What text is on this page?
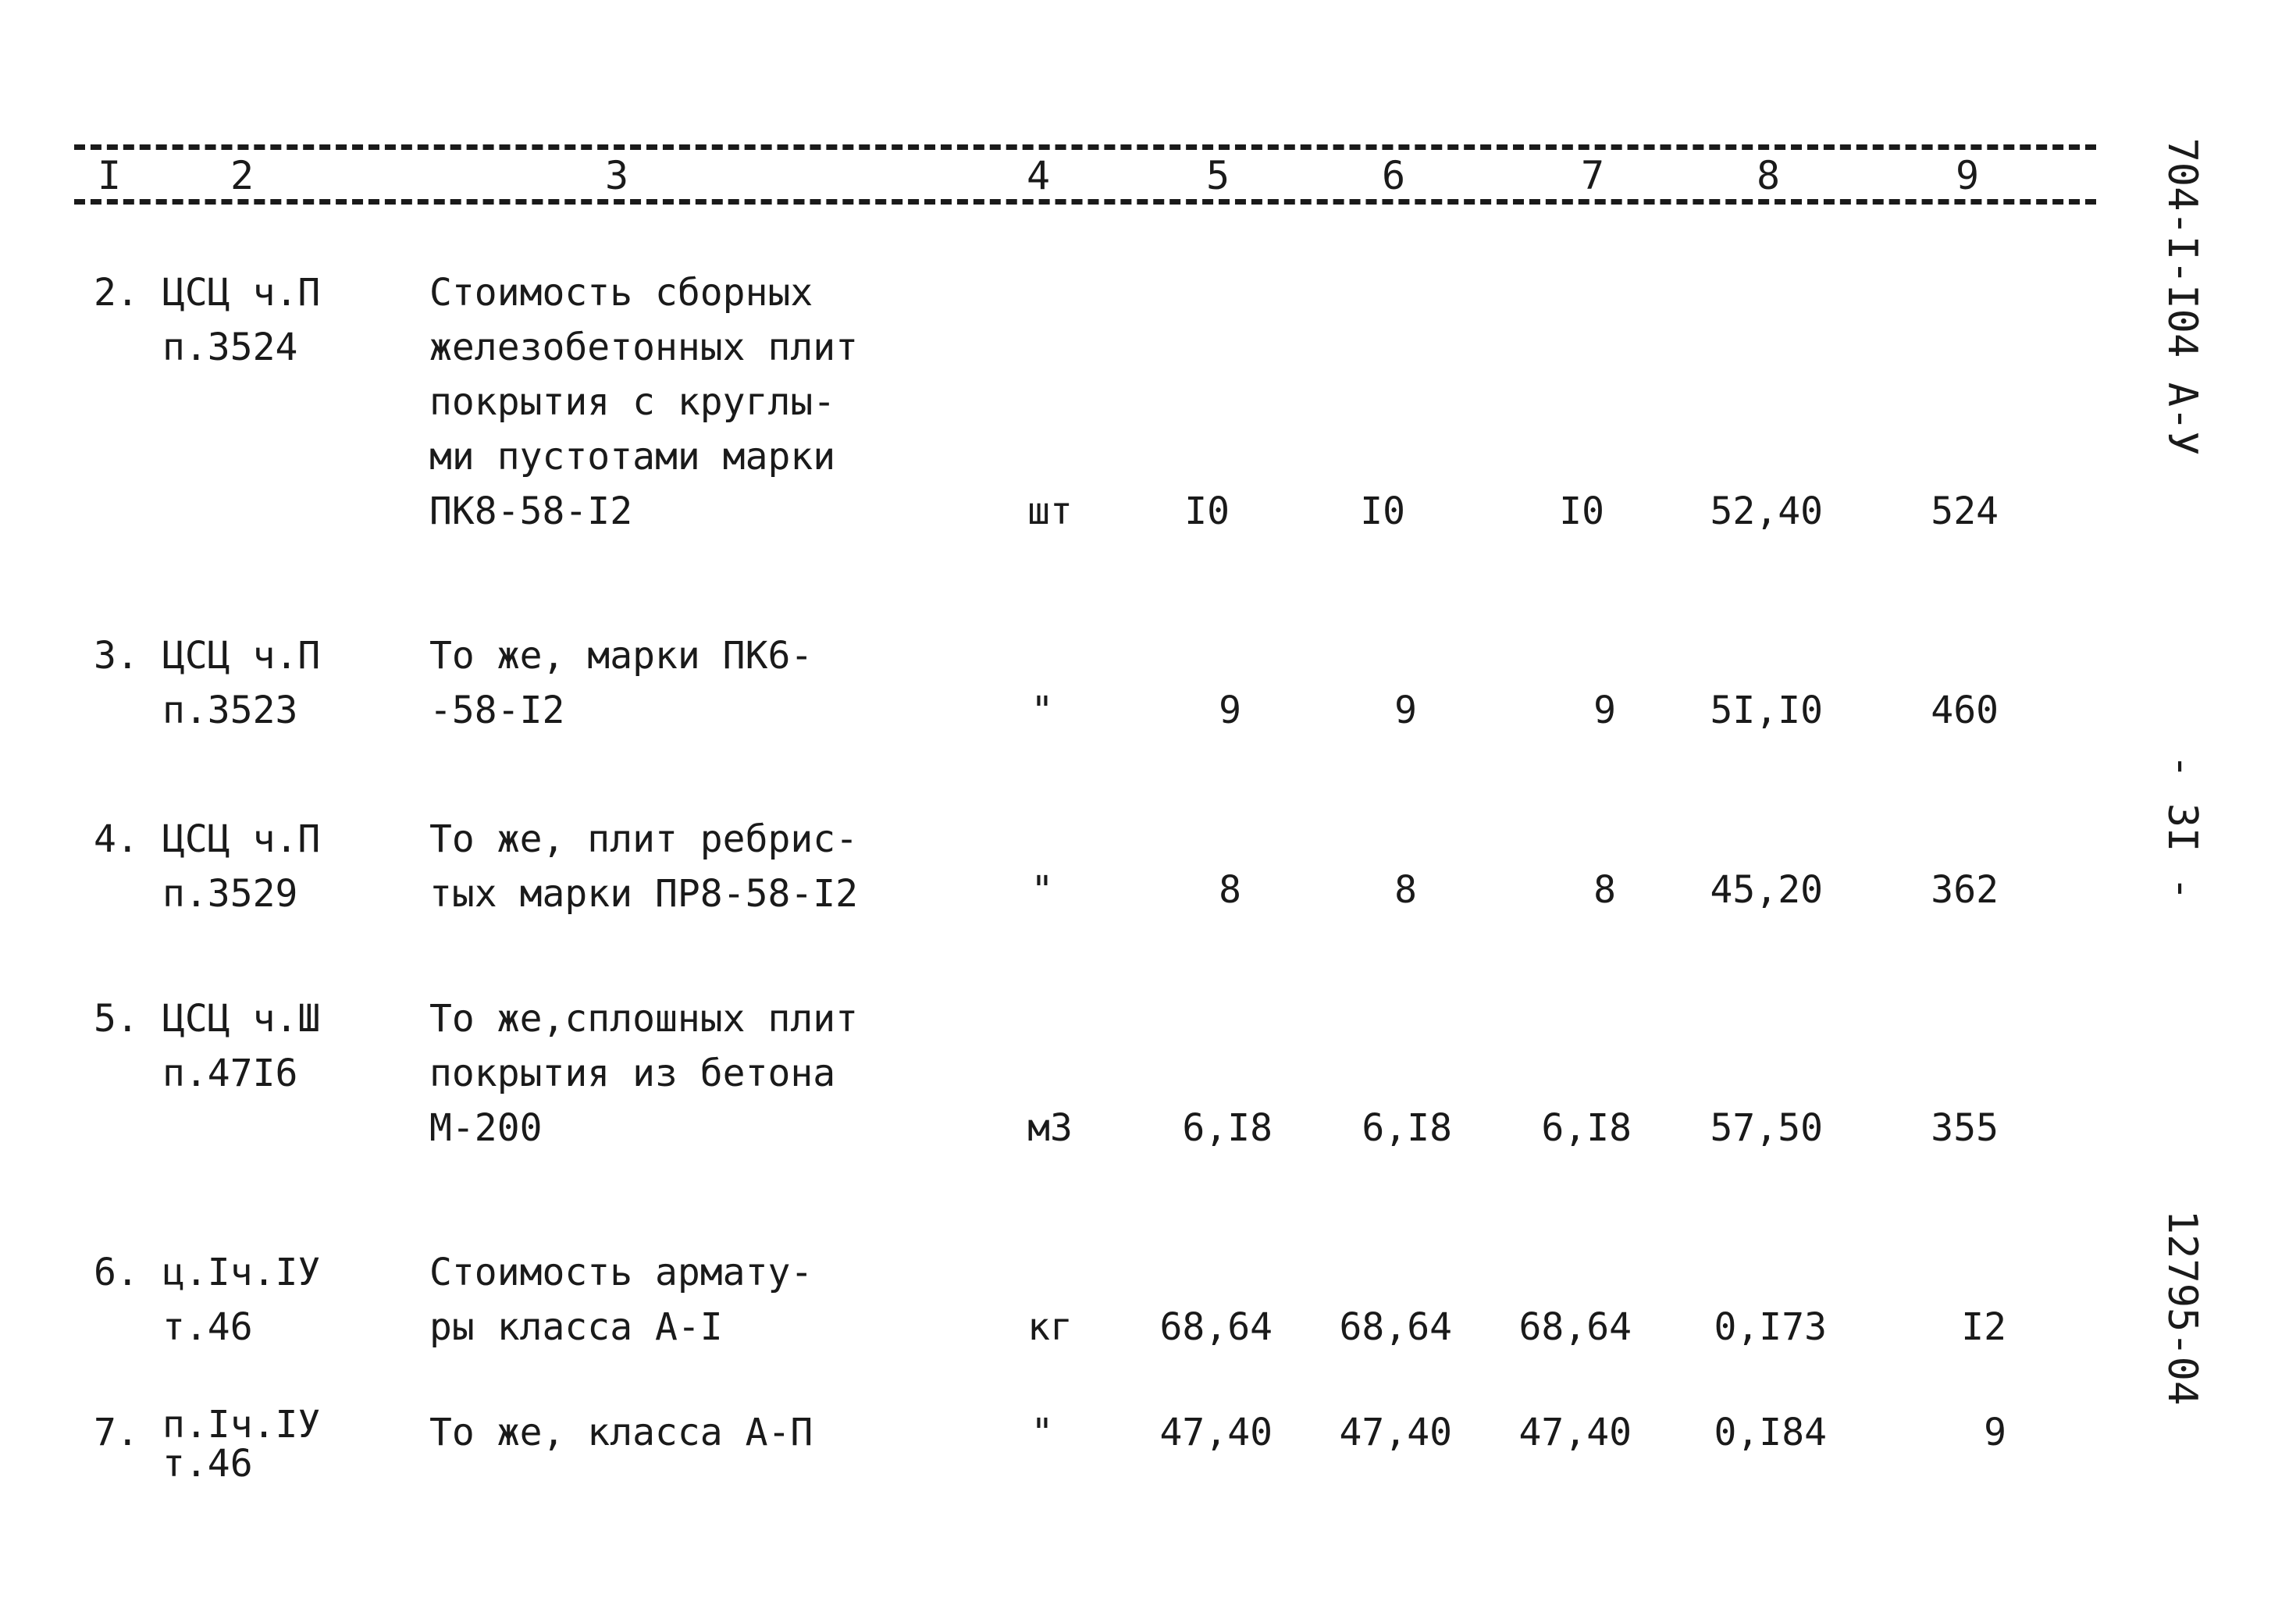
I	2	3	4	5	6	7	8	9	704-I-I04 A-У
- 3I -
12795-04
2. ЦСЦ ч.П
п.3524
Стоимость сборных
железобетонных плит
покрытия с круглы-
ми пустотами марки
ПК8-58-I2	шт	I0	I0	I0	52,40	524
3. ЦСЦ ч.П
п.3523
То же, марки ПК6-
-58-I2	"	9	9	9	5I,I0	460
4. ЦСЦ ч.П
п.3529
То же, плит ребрис-
тых марки ПР8-58-I2	"	8	8	8	45,20	362
5. ЦСЦ ч.Ш
п.47I6
То же,сплошных плит
покрытия из бетона
М-200	м3	6,I8 6,I8 6,I8 57,50	355
6. ц.Iч.IУ
т.46
Стоимость армату-
ры класса А-I	кг 68,64 68,64 68,64 0,I73	I2
7. п.Iч.IУ
т.46
То же, класса А-П	"	47,40 47,40 47,40 0,I84	9
